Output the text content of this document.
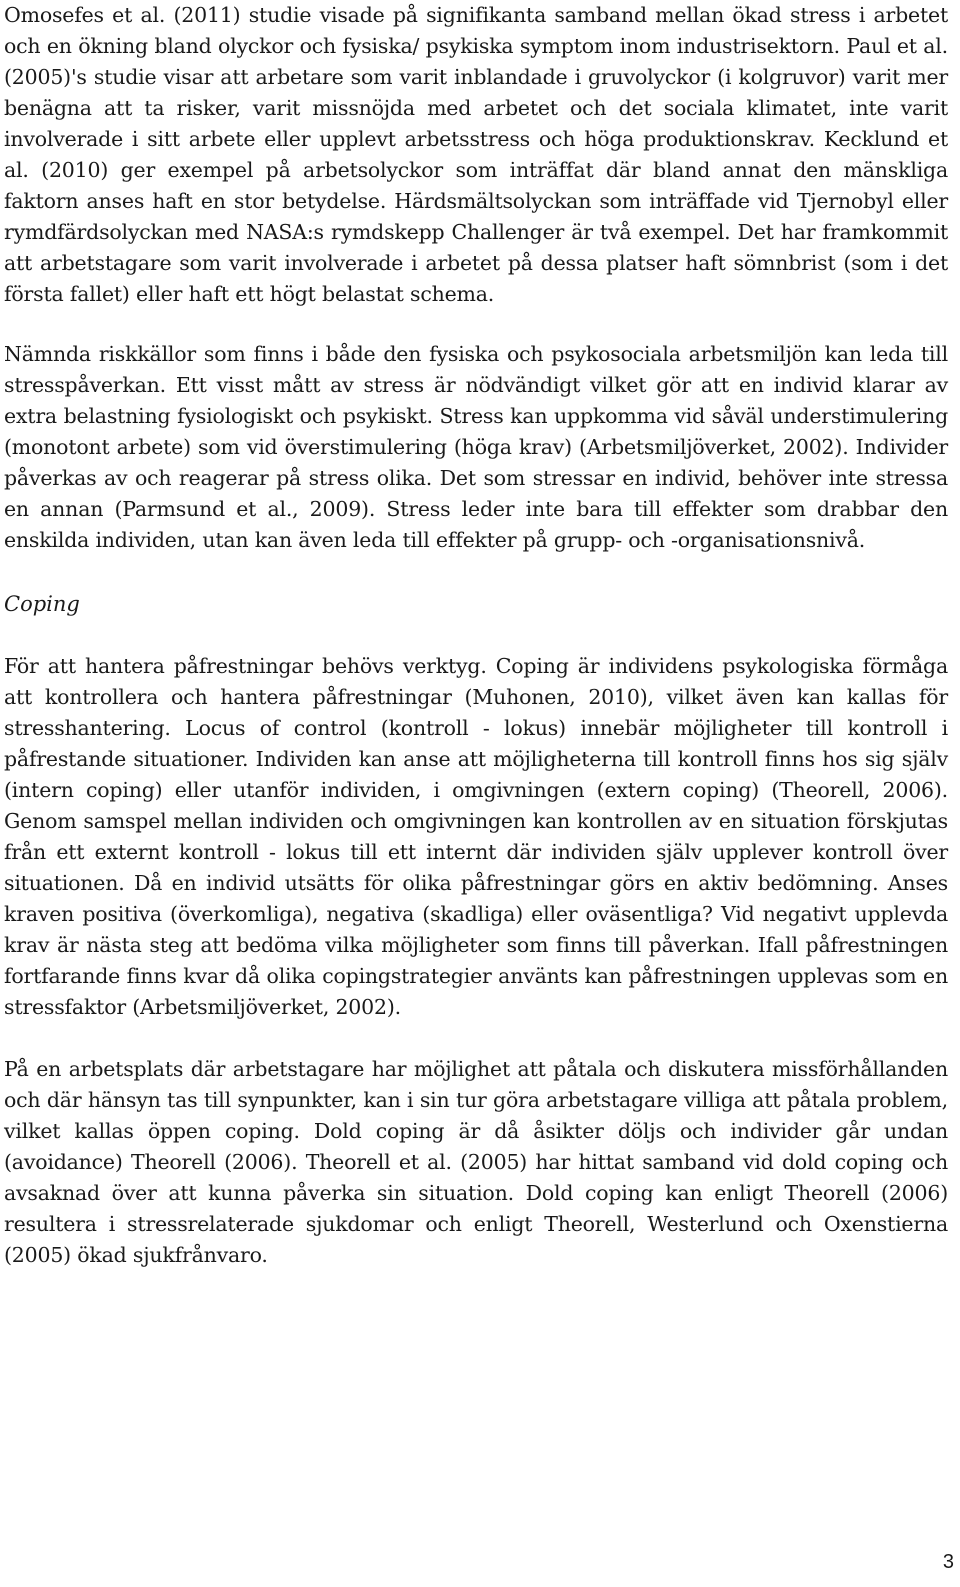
Omosefes et al. (2011) studie visade på signifikanta samband mellan ökad stress i arbetet och en ökning bland olyckor och fysiska/ psykiska symptom inom industrisektorn. Paul et al. (2005)'s studie visar att arbetare som varit inblandade i gruvolyckor (i kolgruvor) varit mer benägna att ta risker, varit missnöjda med arbetet och det sociala klimatet, inte varit involverade i sitt arbete eller upplevt arbetsstress och höga produktionskrav. Kecklund et al. (2010) ger exempel på arbetsolyckor som inträffat där bland annat den mänskliga faktorn anses haft en stor betydelse. Härdsmältsolyckan som inträffade vid Tjernobyl eller rymdfärdsolyckan med NASA:s rymdskepp Challenger är två exempel. Det har framkommit att arbetstagare som varit involverade i arbetet på dessa platser haft sömnbrist (som i det första fallet) eller haft ett högt belastat schema.

Nämnda riskkällor som finns i både den fysiska och psykosociala arbetsmiljön kan leda till stresspåverkan. Ett visst mått av stress är nödvändigt vilket gör att en individ klarar av extra belastning fysiologiskt och psykiskt. Stress kan uppkomma vid såväl understimulering (monotont arbete) som vid överstimulering (höga krav) (Arbetsmiljöverket, 2002). Individer påverkas av och reagerar på stress olika. Det som stressar en individ, behöver inte stressa en annan (Parmsund et al., 2009). Stress leder inte bara till effekter som drabbar den enskilda individen, utan kan även leda till effekter på grupp- och -organisationsnivå.

Coping

För att hantera påfrestningar behövs verktyg. Coping är individens psykologiska förmåga att kontrollera och hantera påfrestningar (Muhonen, 2010), vilket även kan kallas för stresshantering. Locus of control (kontroll - lokus) innebär möjligheter till kontroll i påfrestande situationer. Individen kan anse att möjligheterna till kontroll finns hos sig själv (intern coping) eller utanför individen, i omgivningen (extern coping) (Theorell, 2006). Genom samspel mellan individen och omgivningen kan kontrollen av en situation förskjutas från ett externt kontroll - lokus till ett internt där individen själv upplever kontroll över situationen. Då en individ utsätts för olika påfrestningar görs en aktiv bedömning. Anses kraven positiva (överkomliga), negativa (skadliga) eller oväsentliga? Vid negativt upplevda krav är nästa steg att bedöma vilka möjligheter som finns till påverkan. Ifall påfrestningen fortfarande finns kvar då olika copingstrategier använts kan påfrestningen upplevas som en stressfaktor (Arbetsmiljöverket, 2002).

På en arbetsplats där arbetstagare har möjlighet att påtala och diskutera missförhållanden och där hänsyn tas till synpunkter, kan i sin tur göra arbetstagare villiga att påtala problem, vilket kallas öppen coping. Dold coping är då åsikter döljs och individer går undan (avoidance) Theorell (2006). Theorell et al. (2005) har hittat samband vid dold coping och avsaknad över att kunna påverka sin situation. Dold coping kan enligt Theorell (2006) resultera i stressrelaterade sjukdomar och enligt Theorell, Westerlund och Oxenstierna (2005) ökad sjukfrånvaro.

3
